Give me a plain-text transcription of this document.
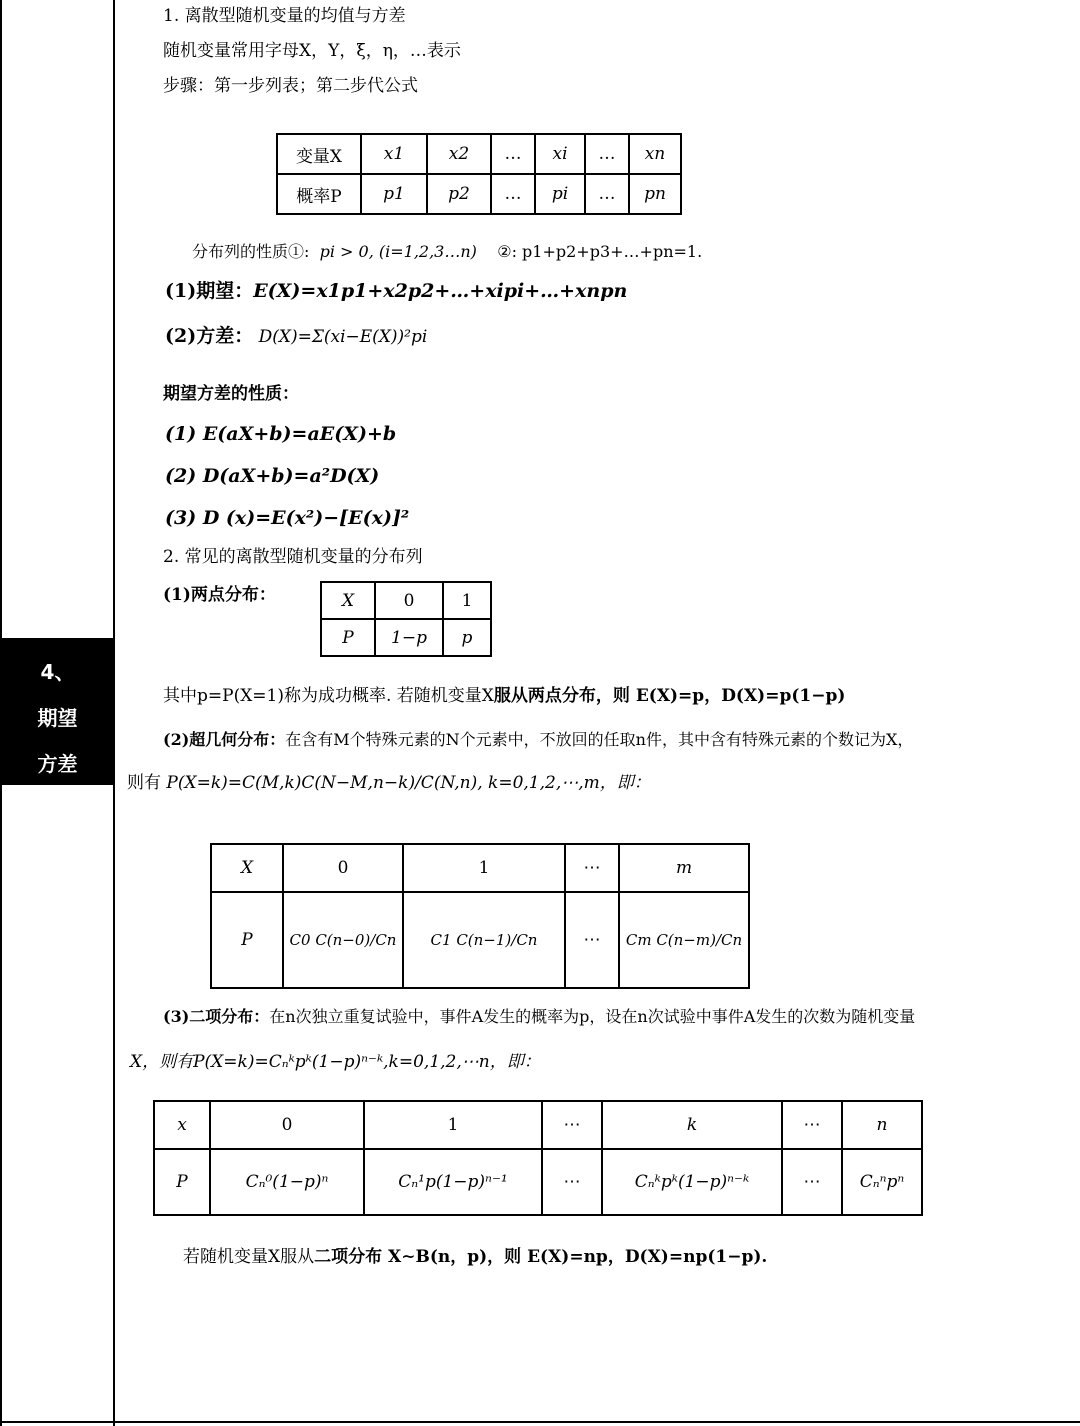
4、
期望
方差
1. 离散型随机变量的均值与方差
随机变量常用字母X，Y，ξ，η，…表示
步骤：第一步列表；第二步代公式
变量X	x1	x2	…	xi	…	xn
概率P	p1	p2	…	pi	…	pn
分布列的性质①: pi > 0, (i=1,2,3…n) ②: p1+p2+p3+…+pn=1.
(1)期望：E(X)=x1p1+x2p2+…+xipi+…+xnpn
(2)方差： D(X)=Σ(xi−E(X))²pi
期望方差的性质：
(1) E(aX+b)=aE(X)+b
(2) D(aX+b)=a²D(X)
(3) D (x)=E(x²)−[E(x)]²
2. 常见的离散型随机变量的分布列
(1)两点分布：	X	0	1
P	1−p	p
其中p=P(X=1)称为成功概率. 若随机变量X服从两点分布，则 E(X)=p，D(X)=p(1−p)
(2)超几何分布：在含有M个特殊元素的N个元素中，不放回的任取n件，其中含有特殊元素的个数记为X，
则有 P(X=k)=C(M,k)C(N−M,n−k)/C(N,n), k=0,1,2,⋯,m，即：
X	0	1	⋯	m
P	C0 C(n−0)/Cn	C1 C(n−1)/Cn	⋯	Cm C(n−m)/Cn
(3)二项分布：在n次独立重复试验中，事件A发生的概率为p，设在n次试验中事件A发生的次数为随机变量
X，则有P(X=k)=Cₙᵏpᵏ(1−p)ⁿ⁻ᵏ,k=0,1,2,⋯n，即：
x	0	1	⋯	k	⋯	n
P	Cₙ⁰(1−p)ⁿ	Cₙ¹p(1−p)ⁿ⁻¹	⋯	Cₙᵏpᵏ(1−p)ⁿ⁻ᵏ	⋯	Cₙⁿpⁿ
若随机变量X服从二项分布 X∼B(n，p)，则 E(X)=np，D(X)=np(1−p).
